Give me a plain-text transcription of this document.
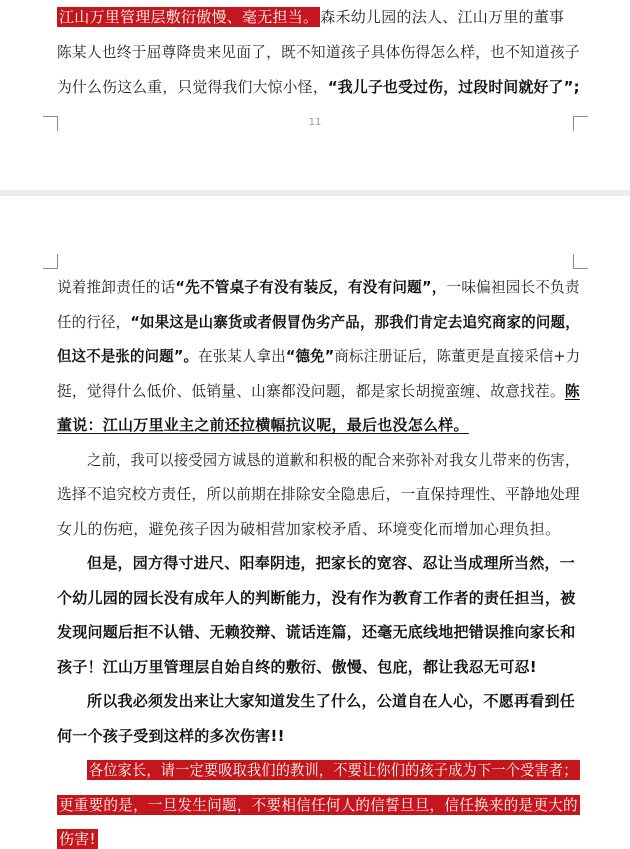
江山万里管理层敷衍傲慢、毫无担当。 森禾幼儿园的法人、江山万里的董事
陈某人也终于屈尊降贵来见面了，既不知道孩子具体伤得怎么样，也不知道孩子
为什么伤这么重，只觉得我们大惊小怪，“我儿子也受过伤，过段时间就好了”;
11
说着推卸责任的话“先不管桌子有没有装反，有没有问题”，一味偏袒园长不负责
任的行径，“如果这是山寨货或者假冒伪劣产品，那我们肯定去追究商家的问题，
但这不是张的问题”。在张某人拿出“德免”商标注册证后，陈董更是直接采信+力
挺，觉得什么低价、低销量、山寨都没问题，都是家长胡搅蛮缠、故意找茬。陈
董说：江山万里业主之前还拉横幅抗议呢，最后也没怎么样。
之前，我可以接受园方诚恳的道歉和积极的配合来弥补对我女儿带来的伤害，
选择不追究校方责任，所以前期在排除安全隐患后，一直保持理性、平静地处理
女儿的伤疤，避免孩子因为破相营加家校矛盾、环境变化而增加心理负担。
但是，园方得寸进尺、阳奉阴违，把家长的宽容、忍让当成理所当然，一
个幼儿园的园长没有成年人的判断能力，没有作为教育工作者的责任担当，被
发现问题后拒不认错、无赖狡辩、谎话连篇，还毫无底线地把错误推向家长和
孩子！江山万里管理层自始自终的敷衍、傲慢、包庇，都让我忍无可忍!
所以我必须发出来让大家知道发生了什么，公道自在人心，不愿再看到任
何一个孩子受到这样的多次伤害!!
各位家长，请一定要吸取我们的教训，不要让你们的孩子成为下一个受害者；
更重要的是，一旦发生问题，不要相信任何人的信誓旦旦，信任换来的是更大的
伤害!
